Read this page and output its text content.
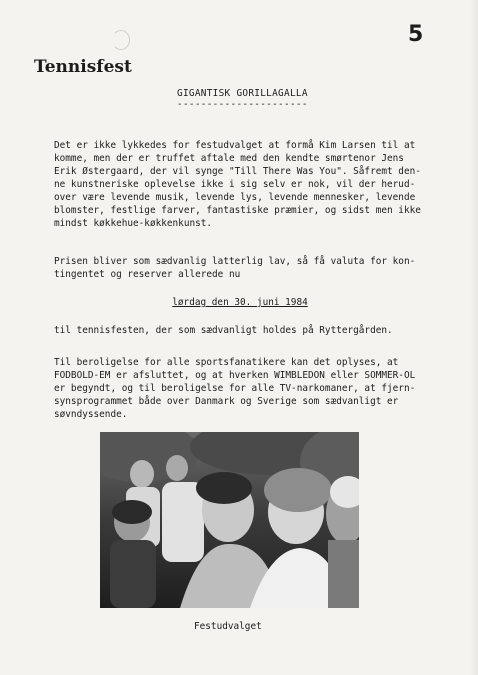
5
Tennisfest
GIGANTISK GORILLAGALLA
----------------------
Det er ikke lykkedes for festudvalget at formå Kim Larsen til at
komme, men der er truffet aftale med den kendte smørtenor Jens
Erik Østergaard, der vil synge "Till There Was You". Såfremt den-
ne kunstneriske oplevelse ikke i sig selv er nok, vil der herud-
over være levende musik, levende lys, levende mennesker, levende
blomster, festlige farver, fantastiske præmier, og sidst men ikke
mindst køkkehue-køkkenkunst.
Prisen bliver som sædvanlig latterlig lav, så få valuta for kon-
tingentet og reserver allerede nu
lørdag den 30. juni 1984
til tennisfesten, der som sædvanligt holdes på Ryttergården.
Til beroligelse for alle sportsfanatikere kan det oplyses, at
FODBOLD-EM er afsluttet, og at hverken WIMBLEDON eller SOMMER-OL
er begyndt, og til beroligelse for alle TV-narkomaner, at fjern-
synsprogrammet både over Danmark og Sverige som sædvanligt er
søvndyssende.
Festudvalget
